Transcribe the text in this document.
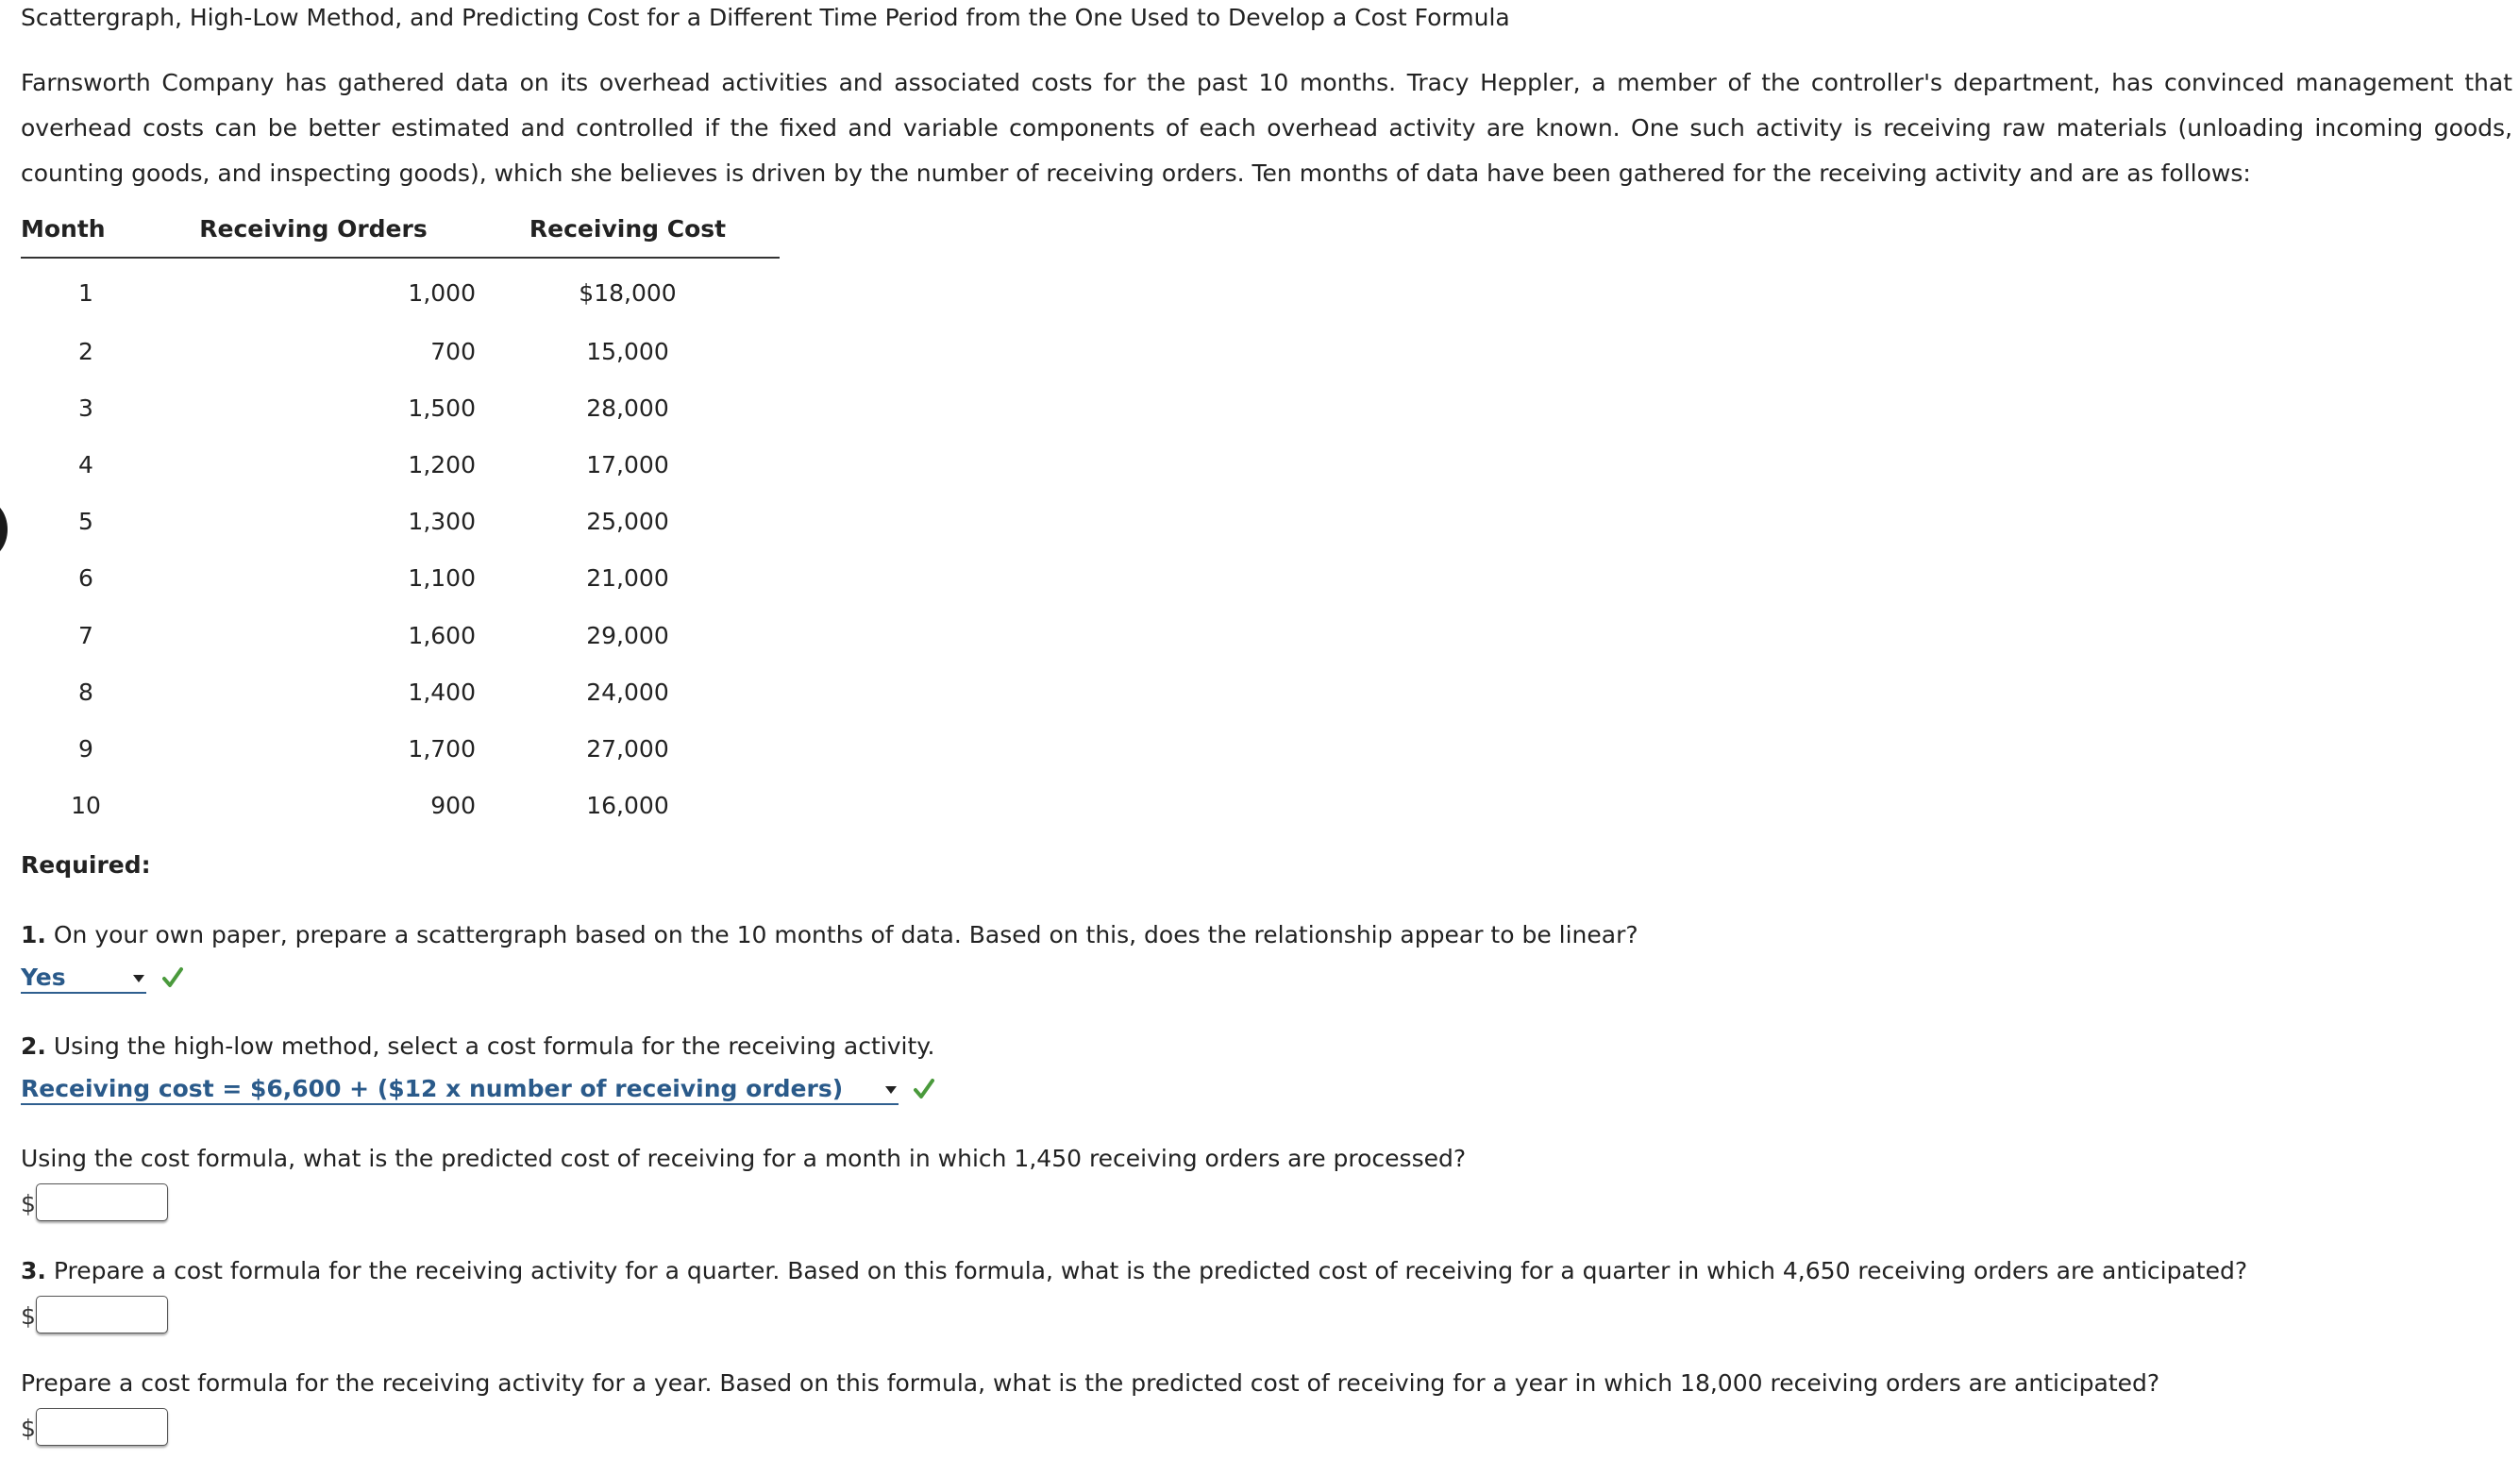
Scattergraph, High-Low Method, and Predicting Cost for a Different Time Period from the One Used to Develop a Cost Formula
Farnsworth Company has gathered data on its overhead activities and associated costs for the past 10 months. Tracy Heppler, a member of the controller's department, has convinced management that overhead costs can be better estimated and controlled if the fixed and variable components of each overhead activity are known. One such activity is receiving raw materials (unloading incoming goods, counting goods, and inspecting goods), which she believes is driven by the number of receiving orders. Ten months of data have been gathered for the receiving activity and are as follows:
Month	Receiving Orders	Receiving Cost
1	1,000	$18,000
2	700	15,000
3	1,500	28,000
4	1,200	17,000
5	1,300	25,000
6	1,100	21,000
7	1,600	29,000
8	1,400	24,000
9	1,700	27,000
10	900	16,000
Required:
1. On your own paper, prepare a scattergraph based on the 10 months of data. Based on this, does the relationship appear to be linear?
Yes
2. Using the high-low method, select a cost formula for the receiving activity.
Receiving cost = $6,600 + ($12 x number of receiving orders)
Using the cost formula, what is the predicted cost of receiving for a month in which 1,450 receiving orders are processed?
$
3. Prepare a cost formula for the receiving activity for a quarter. Based on this formula, what is the predicted cost of receiving for a quarter in which 4,650 receiving orders are anticipated?
$
Prepare a cost formula for the receiving activity for a year. Based on this formula, what is the predicted cost of receiving for a year in which 18,000 receiving orders are anticipated?
$
